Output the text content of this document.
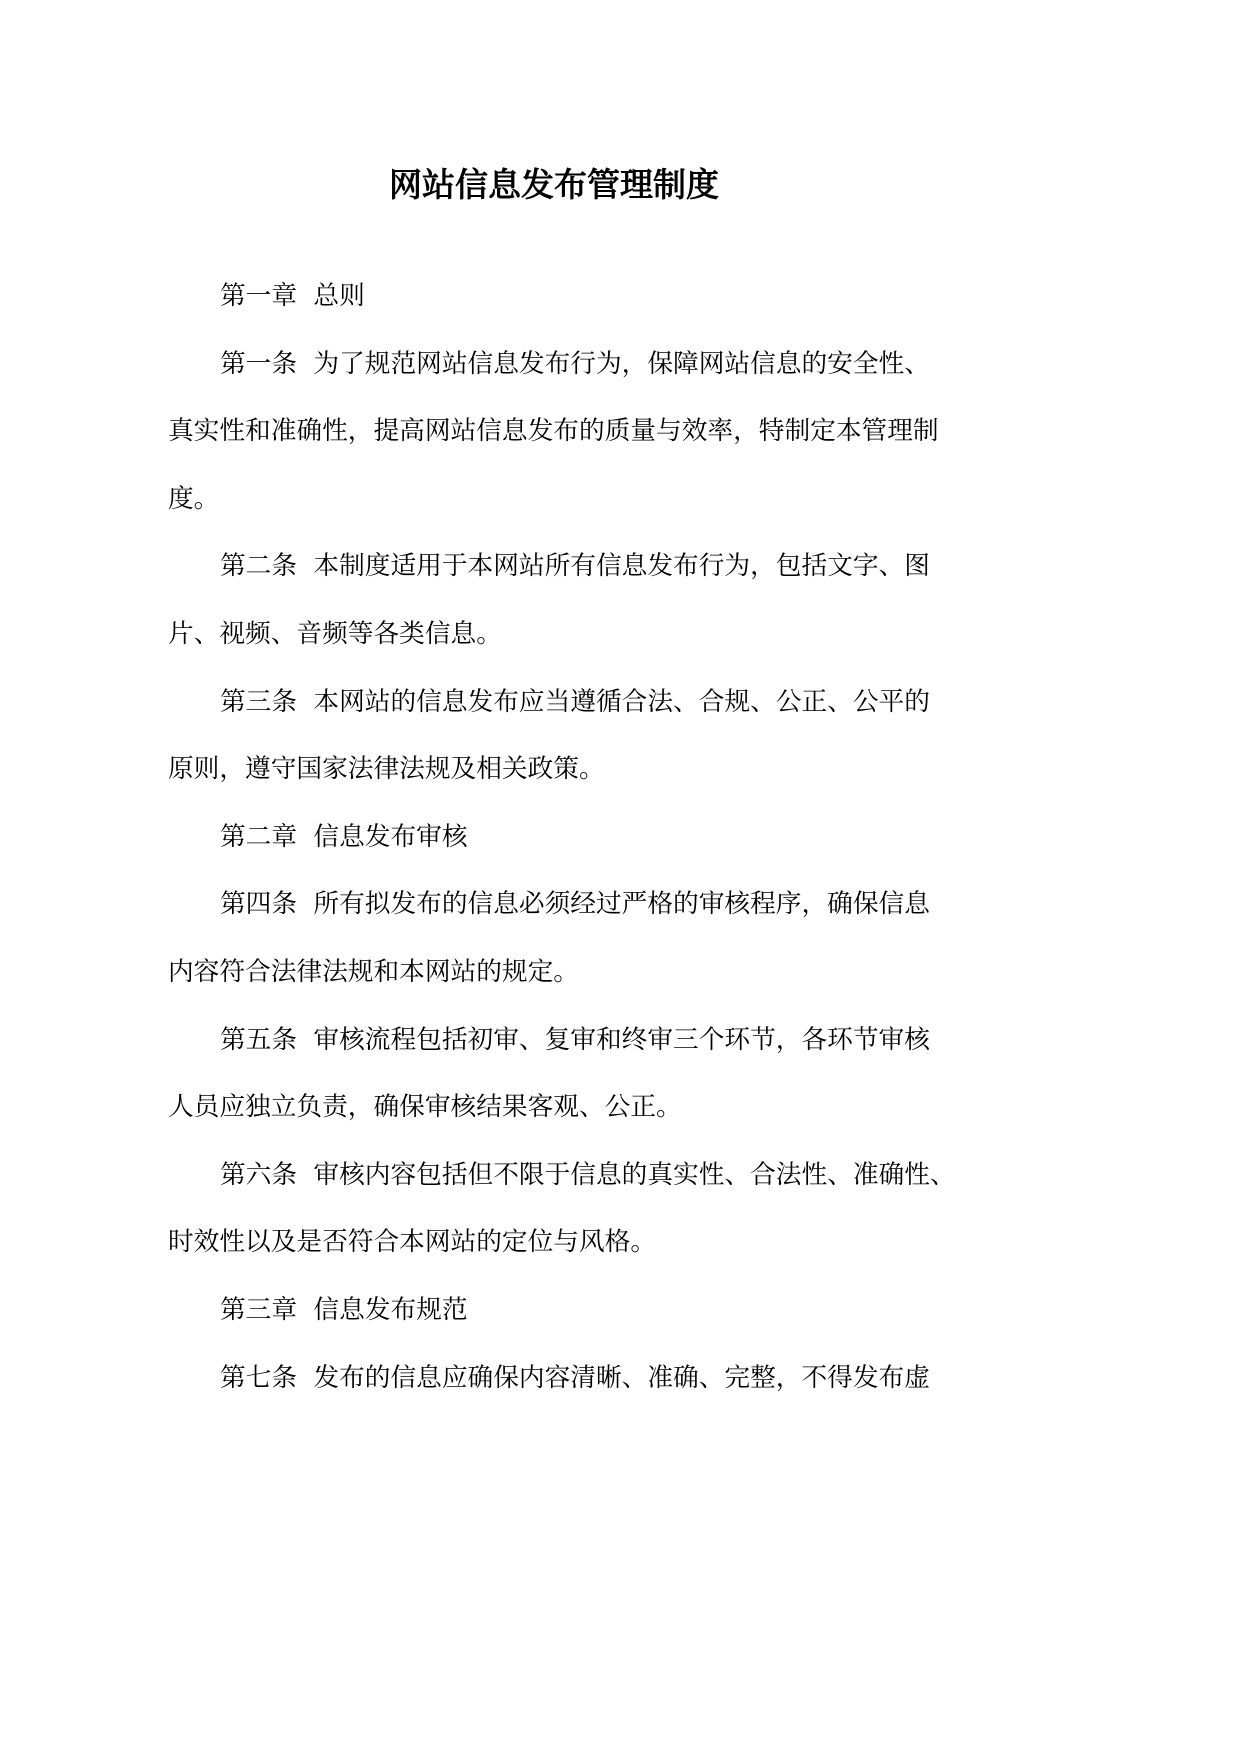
网站信息发布管理制度
第一章  总则
第一条  为了规范网站信息发布行为，保障网站信息的安全性、
真实性和准确性，提高网站信息发布的质量与效率，特制定本管理制
度。
第二条  本制度适用于本网站所有信息发布行为，包括文字、图
片、视频、音频等各类信息。
第三条  本网站的信息发布应当遵循合法、合规、公正、公平的
原则，遵守国家法律法规及相关政策。
第二章  信息发布审核
第四条  所有拟发布的信息必须经过严格的审核程序，确保信息
内容符合法律法规和本网站的规定。
第五条  审核流程包括初审、复审和终审三个环节，各环节审核
人员应独立负责，确保审核结果客观、公正。
第六条  审核内容包括但不限于信息的真实性、合法性、准确性、
时效性以及是否符合本网站的定位与风格。
第三章  信息发布规范
第七条  发布的信息应确保内容清晰、准确、完整，不得发布虚
